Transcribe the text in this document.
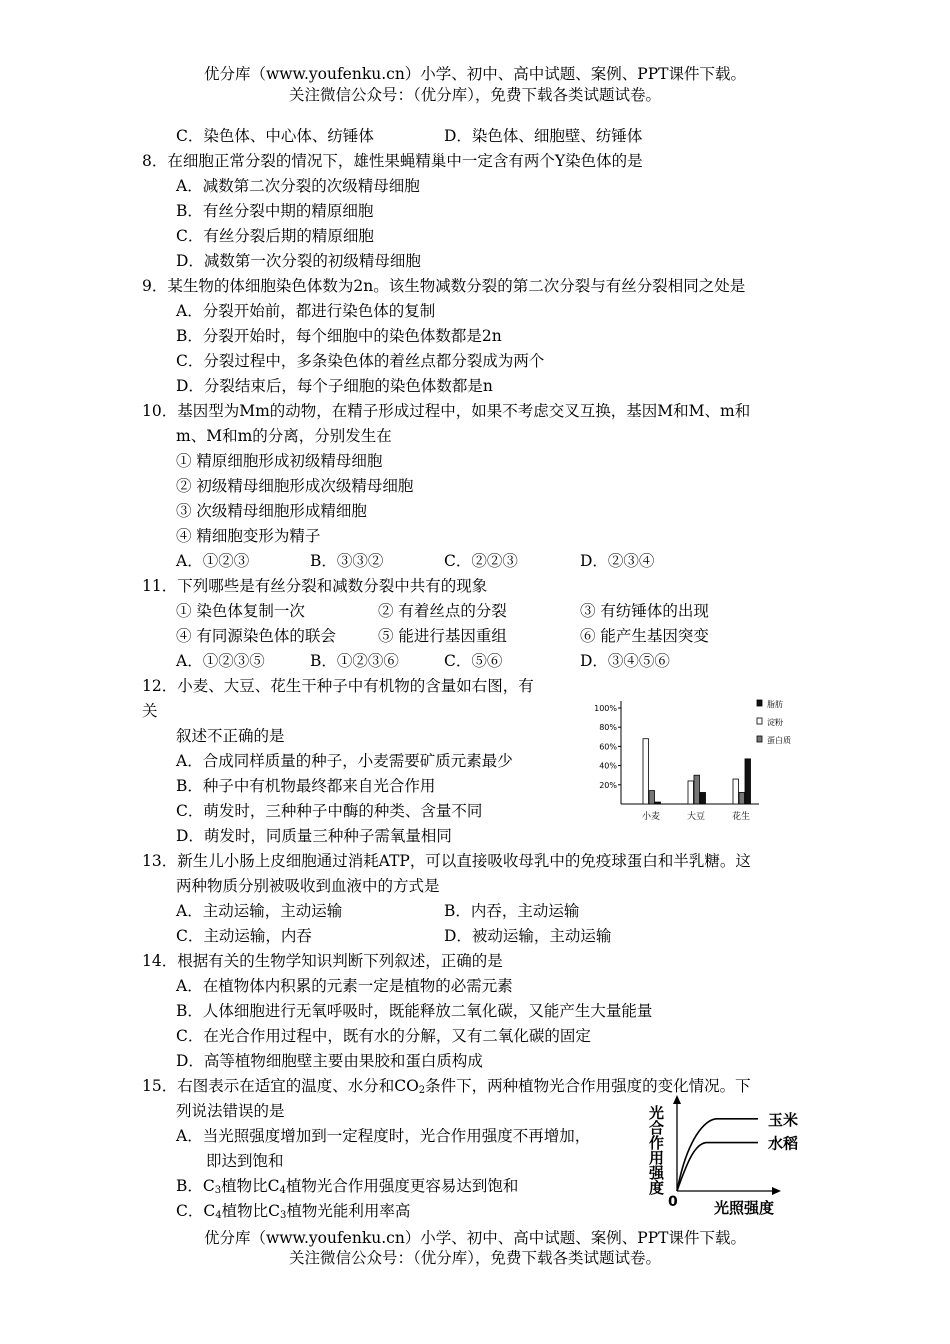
优分库（www.youfenku.cn）小学、初中、高中试题、案例、PPT课件下载。
关注微信公众号：（优分库），免费下载各类试题试卷。
C．染色体、中心体、纺锤体	D．染色体、细胞壁、纺锤体
8．在细胞正常分裂的情况下，雄性果蝇精巢中一定含有两个Y染色体的是
A．减数第二次分裂的次级精母细胞
B．有丝分裂中期的精原细胞
C．有丝分裂后期的精原细胞
D．减数第一次分裂的初级精母细胞
9．某生物的体细胞染色体数为2n。该生物减数分裂的第二次分裂与有丝分裂相同之处是
A．分裂开始前，都进行染色体的复制
B．分裂开始时，每个细胞中的染色体数都是2n
C．分裂过程中，多条染色体的着丝点都分裂成为两个
D．分裂结束后，每个子细胞的染色体数都是n
10．基因型为Mm的动物，在精子形成过程中，如果不考虑交叉互换，基因M和M、m和
m、M和m的分离，分别发生在
① 精原细胞形成初级精母细胞
② 初级精母细胞形成次级精母细胞
③ 次级精母细胞形成精细胞
④ 精细胞变形为精子
A．①②③	B．③③②	C．②②③	D．②③④
11．下列哪些是有丝分裂和减数分裂中共有的现象
① 染色体复制一次	② 有着丝点的分裂	③ 有纺锤体的出现
④ 有同源染色体的联会	⑤ 能进行基因重组	⑥ 能产生基因突变
A．①②③⑤	B．①②③⑥	C．⑤⑥	D．③④⑤⑥
12．小麦、大豆、花生干种子中有机物的含量如右图，有
关
叙述不正确的是
A．合成同样质量的种子，小麦需要矿质元素最少
B．种子中有机物最终都来自光合作用
C．萌发时，三种种子中酶的种类、含量不同
D．萌发时，同质量三种种子需氧量相同
20%
40%
60%
80%
100%
小麦	大豆	花生
脂肪
淀粉
蛋白质
13．新生儿小肠上皮细胞通过消耗ATP，可以直接吸收母乳中的免疫球蛋白和半乳糖。这
两种物质分别被吸收到血液中的方式是
A．主动运输，主动运输	B．内吞，主动运输
C．主动运输，内吞	D．被动运输，主动运输
14．根据有关的生物学知识判断下列叙述，正确的是
A．在植物体内积累的元素一定是植物的必需元素
B．人体细胞进行无氧呼吸时，既能释放二氧化碳，又能产生大量能量
C．在光合作用过程中，既有水的分解，又有二氧化碳的固定
D．高等植物细胞壁主要由果胶和蛋白质构成
15．右图表示在适宜的温度、水分和$CO_2$条件下，两种植物光合作用强度的变化情况。下
列说法错误的是
A．当光照强度增加到一定程度时，光合作用强度不再增加，
即达到饱和
B．$C_3$植物比$C_4$植物光合作用强度更容易达到饱和
C．$C_4$植物比$C_3$植物光能利用率高
光合作用强度
0 光照强度
玉米
水稻
优分库（www.youfenku.cn）小学、初中、高中试题、案例、PPT课件下载。
关注微信公众号：（优分库），免费下载各类试题试卷。
